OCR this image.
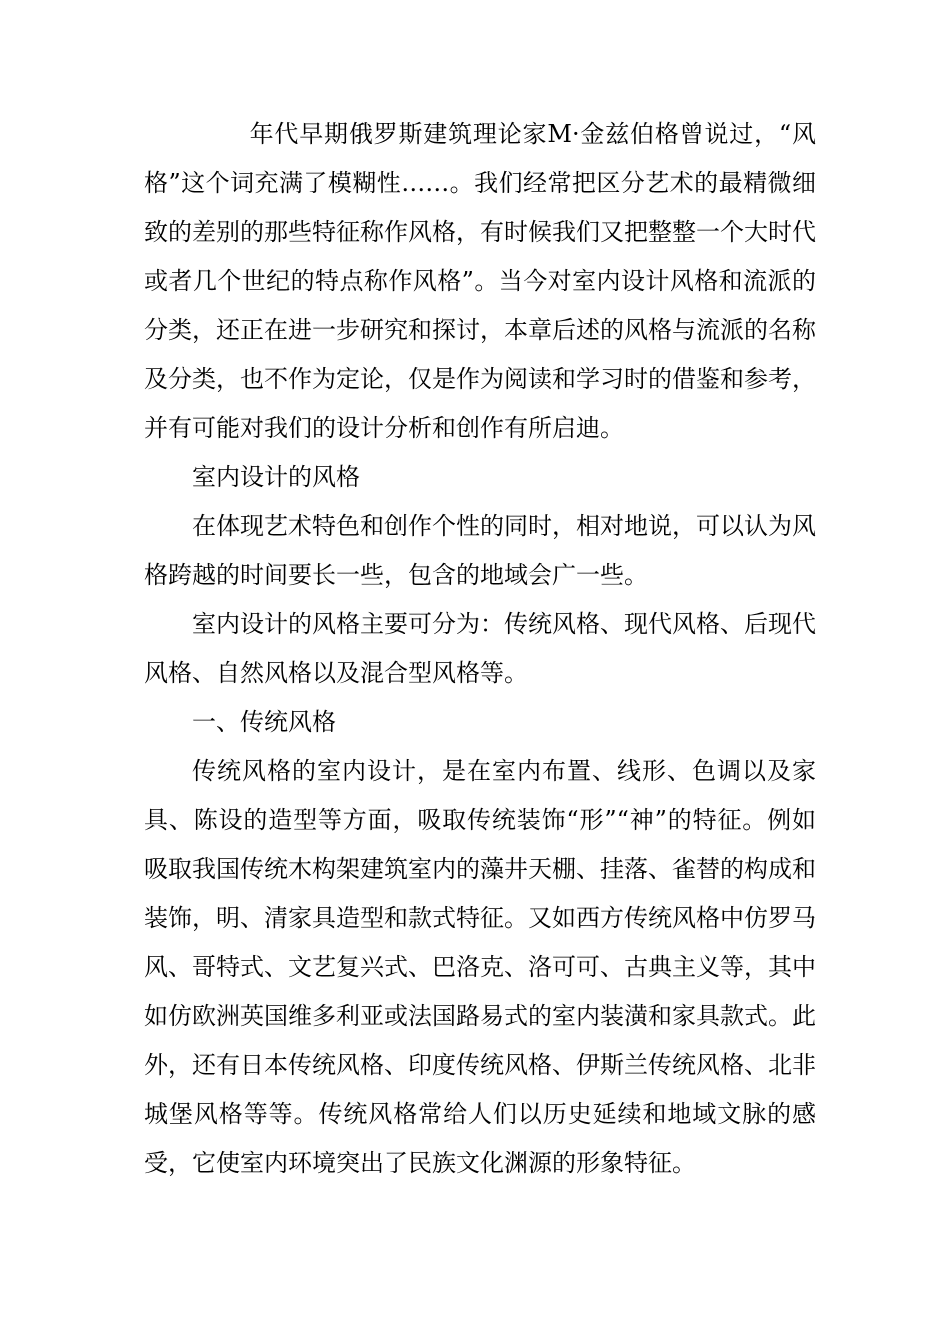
年代早期俄罗斯建筑理论家M·金兹伯格曾说过，“风格”这个词充满了模糊性……。我们经常把区分艺术的最精微细致的差别的那些特征称作风格，有时候我们又把整整一个大时代或者几个世纪的特点称作风格”。当今对室内设计风格和流派的分类，还正在进一步研究和探讨，本章后述的风格与流派的名称及分类，也不作为定论，仅是作为阅读和学习时的借鉴和参考，并有可能对我们的设计分析和创作有所启迪。

室内设计的风格

在体现艺术特色和创作个性的同时，相对地说，可以认为风格跨越的时间要长一些，包含的地域会广一些。

室内设计的风格主要可分为：传统风格、现代风格、后现代风格、自然风格以及混合型风格等。

一、传统风格

传统风格的室内设计，是在室内布置、线形、色调以及家具、陈设的造型等方面，吸取传统装饰“形”“神”的特征。例如吸取我国传统木构架建筑室内的藻井天棚、挂落、雀替的构成和装饰，明、清家具造型和款式特征。又如西方传统风格中仿罗马风、哥特式、文艺复兴式、巴洛克、洛可可、古典主义等，其中如仿欧洲英国维多利亚或法国路易式的室内装潢和家具款式。此外，还有日本传统风格、印度传统风格、伊斯兰传统风格、北非城堡风格等等。传统风格常给人们以历史延续和地域文脉的感受，它使室内环境突出了民族文化渊源的形象特征。
